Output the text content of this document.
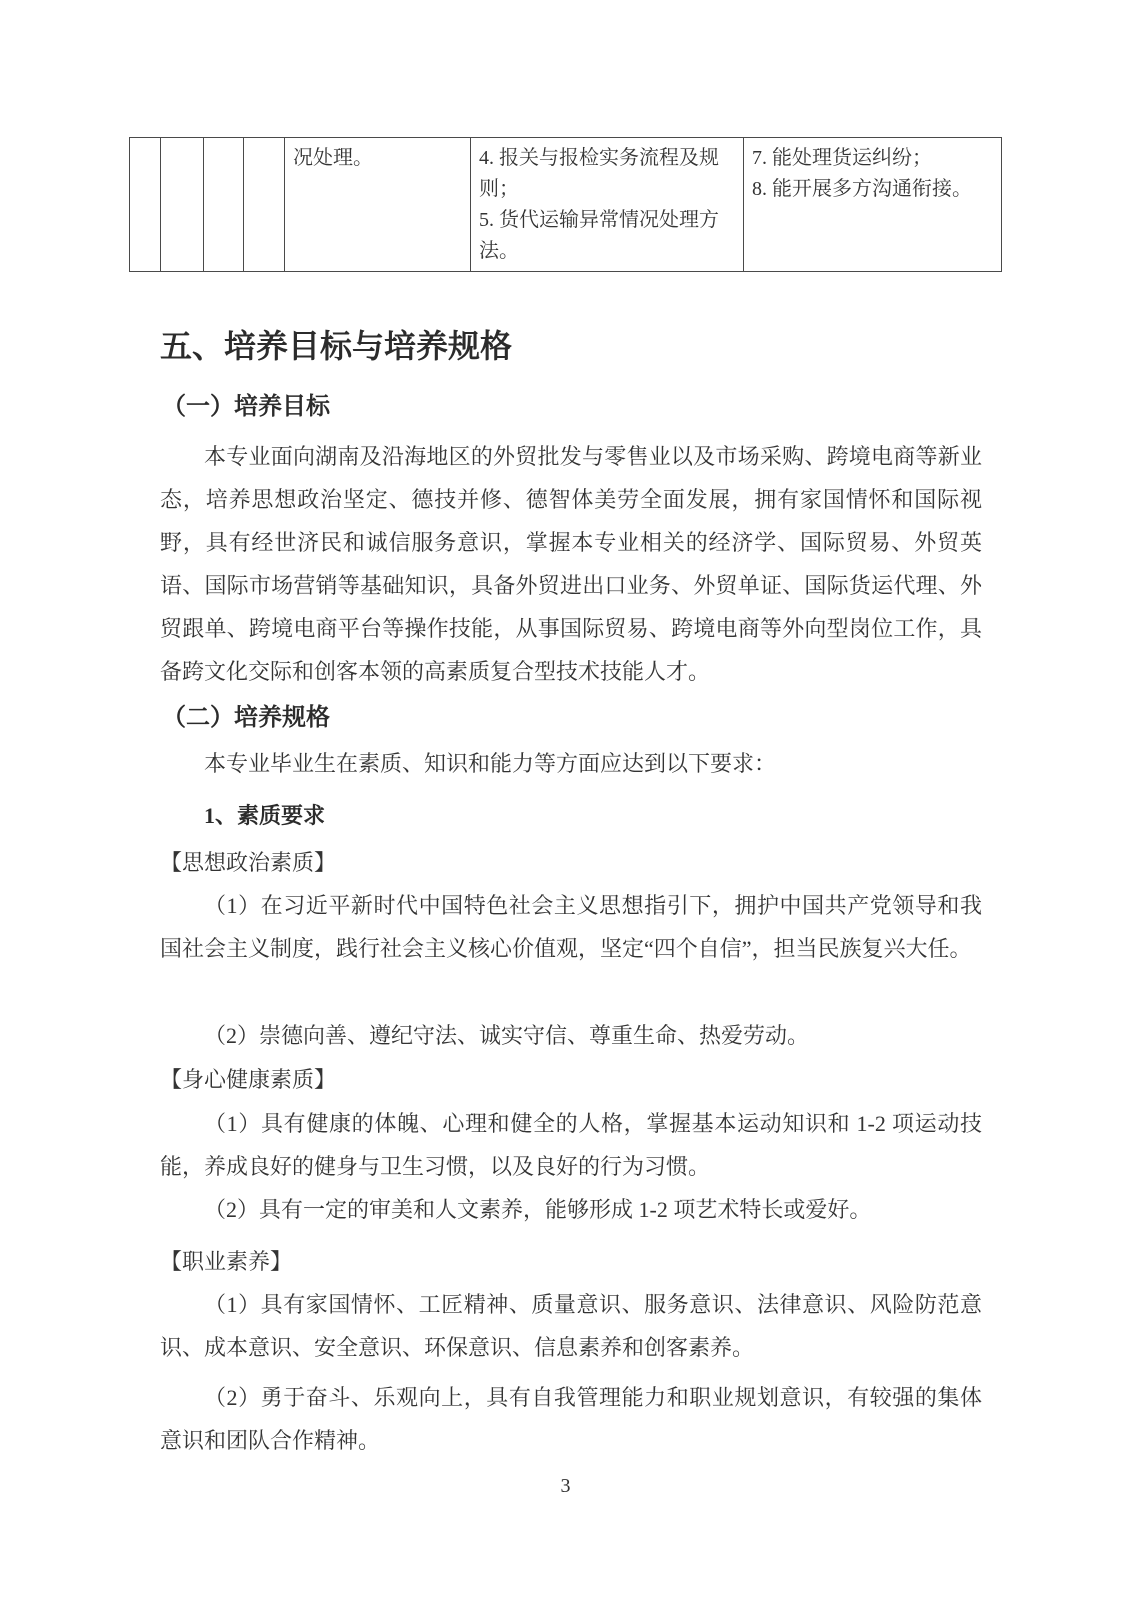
况处理。	4. 报关与报检实务流程及规则；

5. 货代运输异常情况处理方法。

7. 能处理货运纠纷；

8. 能开展多方沟通衔接。

五、培养目标与培养规格
（一）培养目标

本专业面向湖南及沿海地区的外贸批发与零售业以及市场采购、跨境电商等新业态，培养思想政治坚定、德技并修、德智体美劳全面发展，拥有家国情怀和国际视野，具有经世济民和诚信服务意识，掌握本专业相关的经济学、国际贸易、外贸英语、国际市场营销等基础知识，具备外贸进出口业务、外贸单证、国际货运代理、外贸跟单、跨境电商平台等操作技能，从事国际贸易、跨境电商等外向型岗位工作，具备跨文化交际和创客本领的高素质复合型技术技能人才。

（二）培养规格

本专业毕业生在素质、知识和能力等方面应达到以下要求：

1、素质要求

【思想政治素质】

（1）在习近平新时代中国特色社会主义思想指引下，拥护中国共产党领导和我国社会主义制度，践行社会主义核心价值观，坚定“四个自信”，担当民族复兴大任。

（2）崇德向善、遵纪守法、诚实守信、尊重生命、热爱劳动。

【身心健康素质】

（1）具有健康的体魄、心理和健全的人格，掌握基本运动知识和 1-2 项运动技能，养成良好的健身与卫生习惯，以及良好的行为习惯。

（2）具有一定的审美和人文素养，能够形成 1-2 项艺术特长或爱好。

【职业素养】

（1）具有家国情怀、工匠精神、质量意识、服务意识、法律意识、风险防范意识、成本意识、安全意识、环保意识、信息素养和创客素养。

（2）勇于奋斗、乐观向上，具有自我管理能力和职业规划意识，有较强的集体意识和团队合作精神。

3
